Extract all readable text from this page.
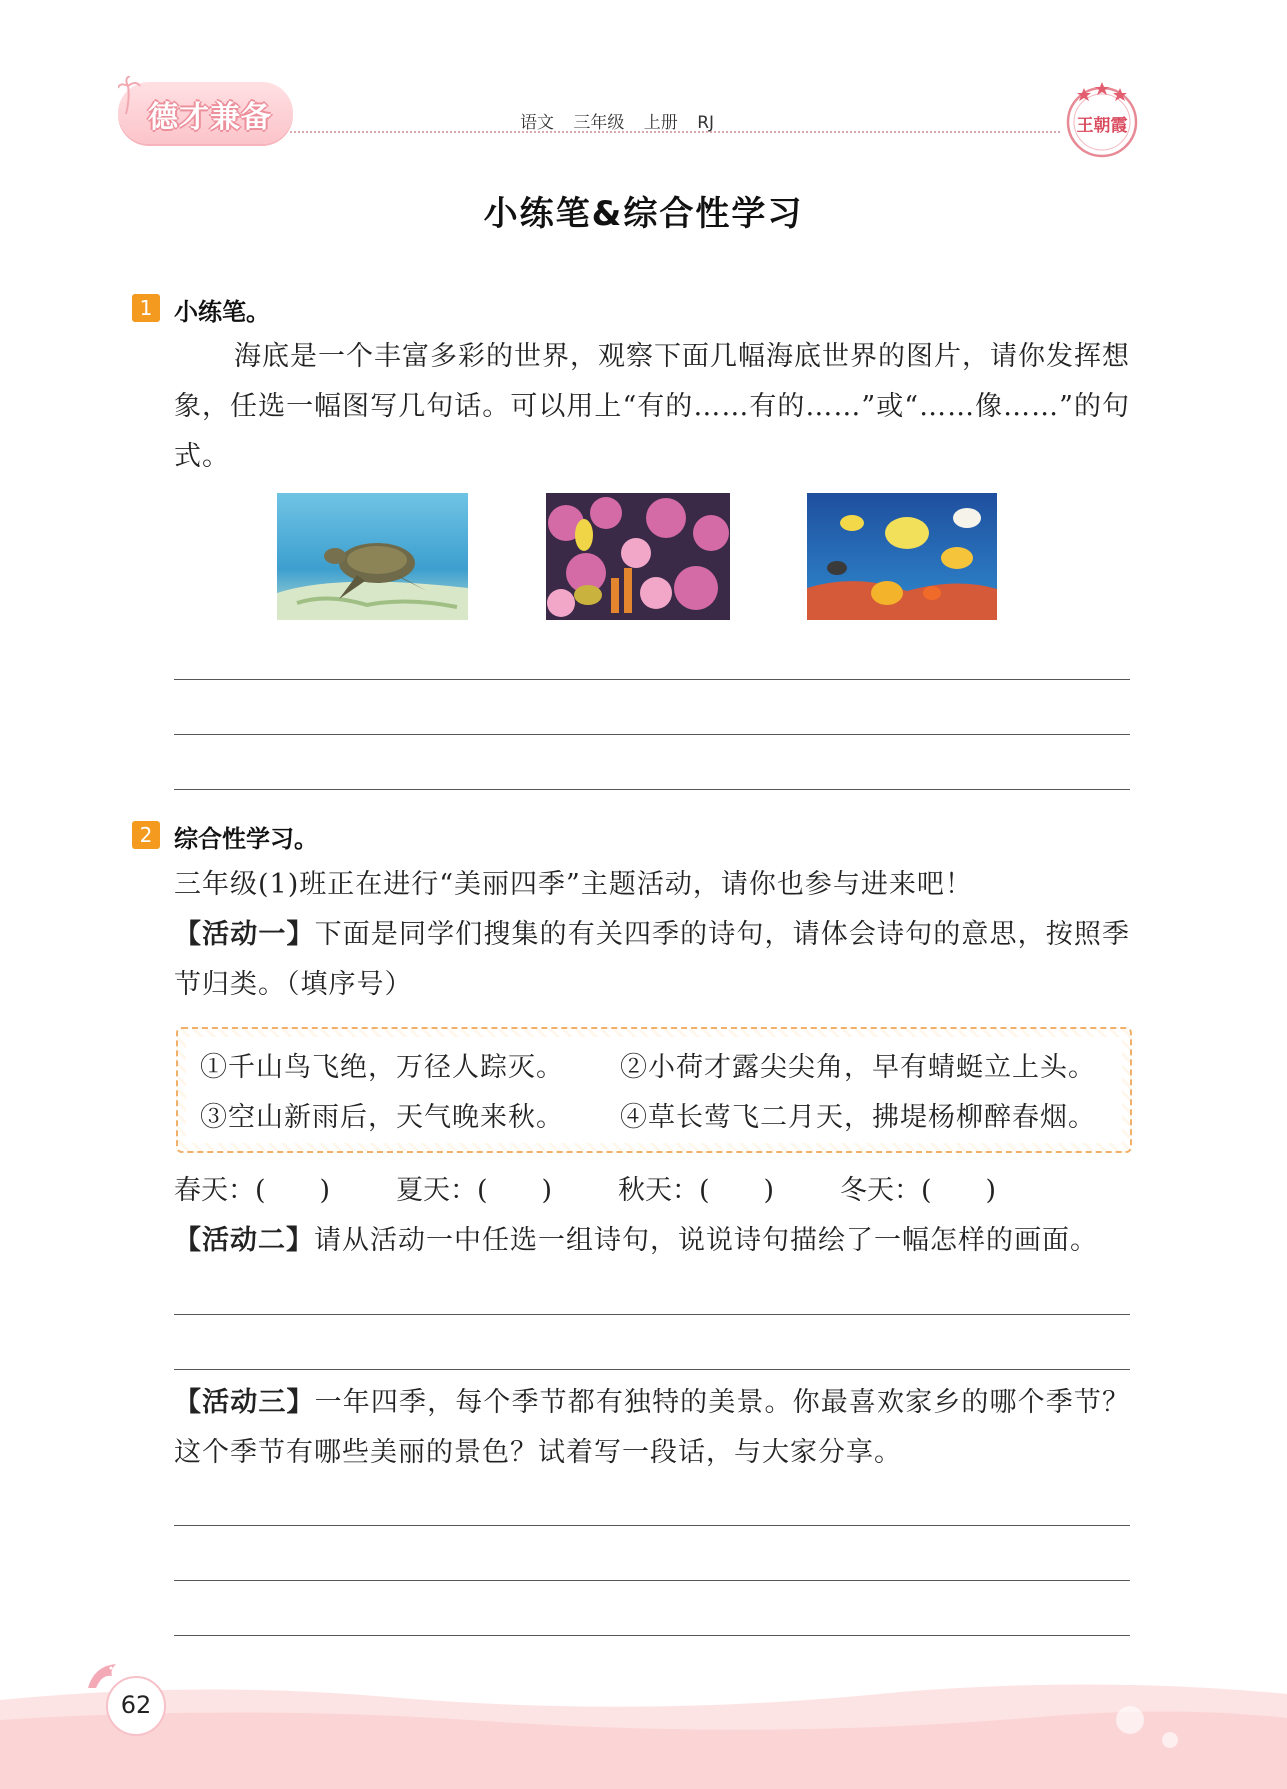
德才兼备	语文 三年级 上册 RJ	王朝霞
小练笔&综合性学习
1 小练笔。

海底是一个丰富多彩的世界，观察下面几幅海底世界的图片，请你发挥想象，任选一幅图写几句话。可以用上“有的……有的……”或“……像……”的句式。

2 综合性学习。

三年级(1)班正在进行“美丽四季”主题活动，请你也参与进来吧！

【活动一】下面是同学们搜集的有关四季的诗句，请体会诗句的意思，按照季节归类。（填序号）

①千山鸟飞绝，万径人踪灭。 ②小荷才露尖尖角，早有蜻蜓立上头。
③空山新雨后，天气晚来秋。 ④草长莺飞二月天，拂堤杨柳醉春烟。
春天：(　　) 夏天：(　　) 秋天：(　　) 冬天：(　　)

【活动二】请从活动一中任选一组诗句，说说诗句描绘了一幅怎样的画面。

【活动三】一年四季，每个季节都有独特的美景。你最喜欢家乡的哪个季节？这个季节有哪些美丽的景色？试着写一段话，与大家分享。

62
